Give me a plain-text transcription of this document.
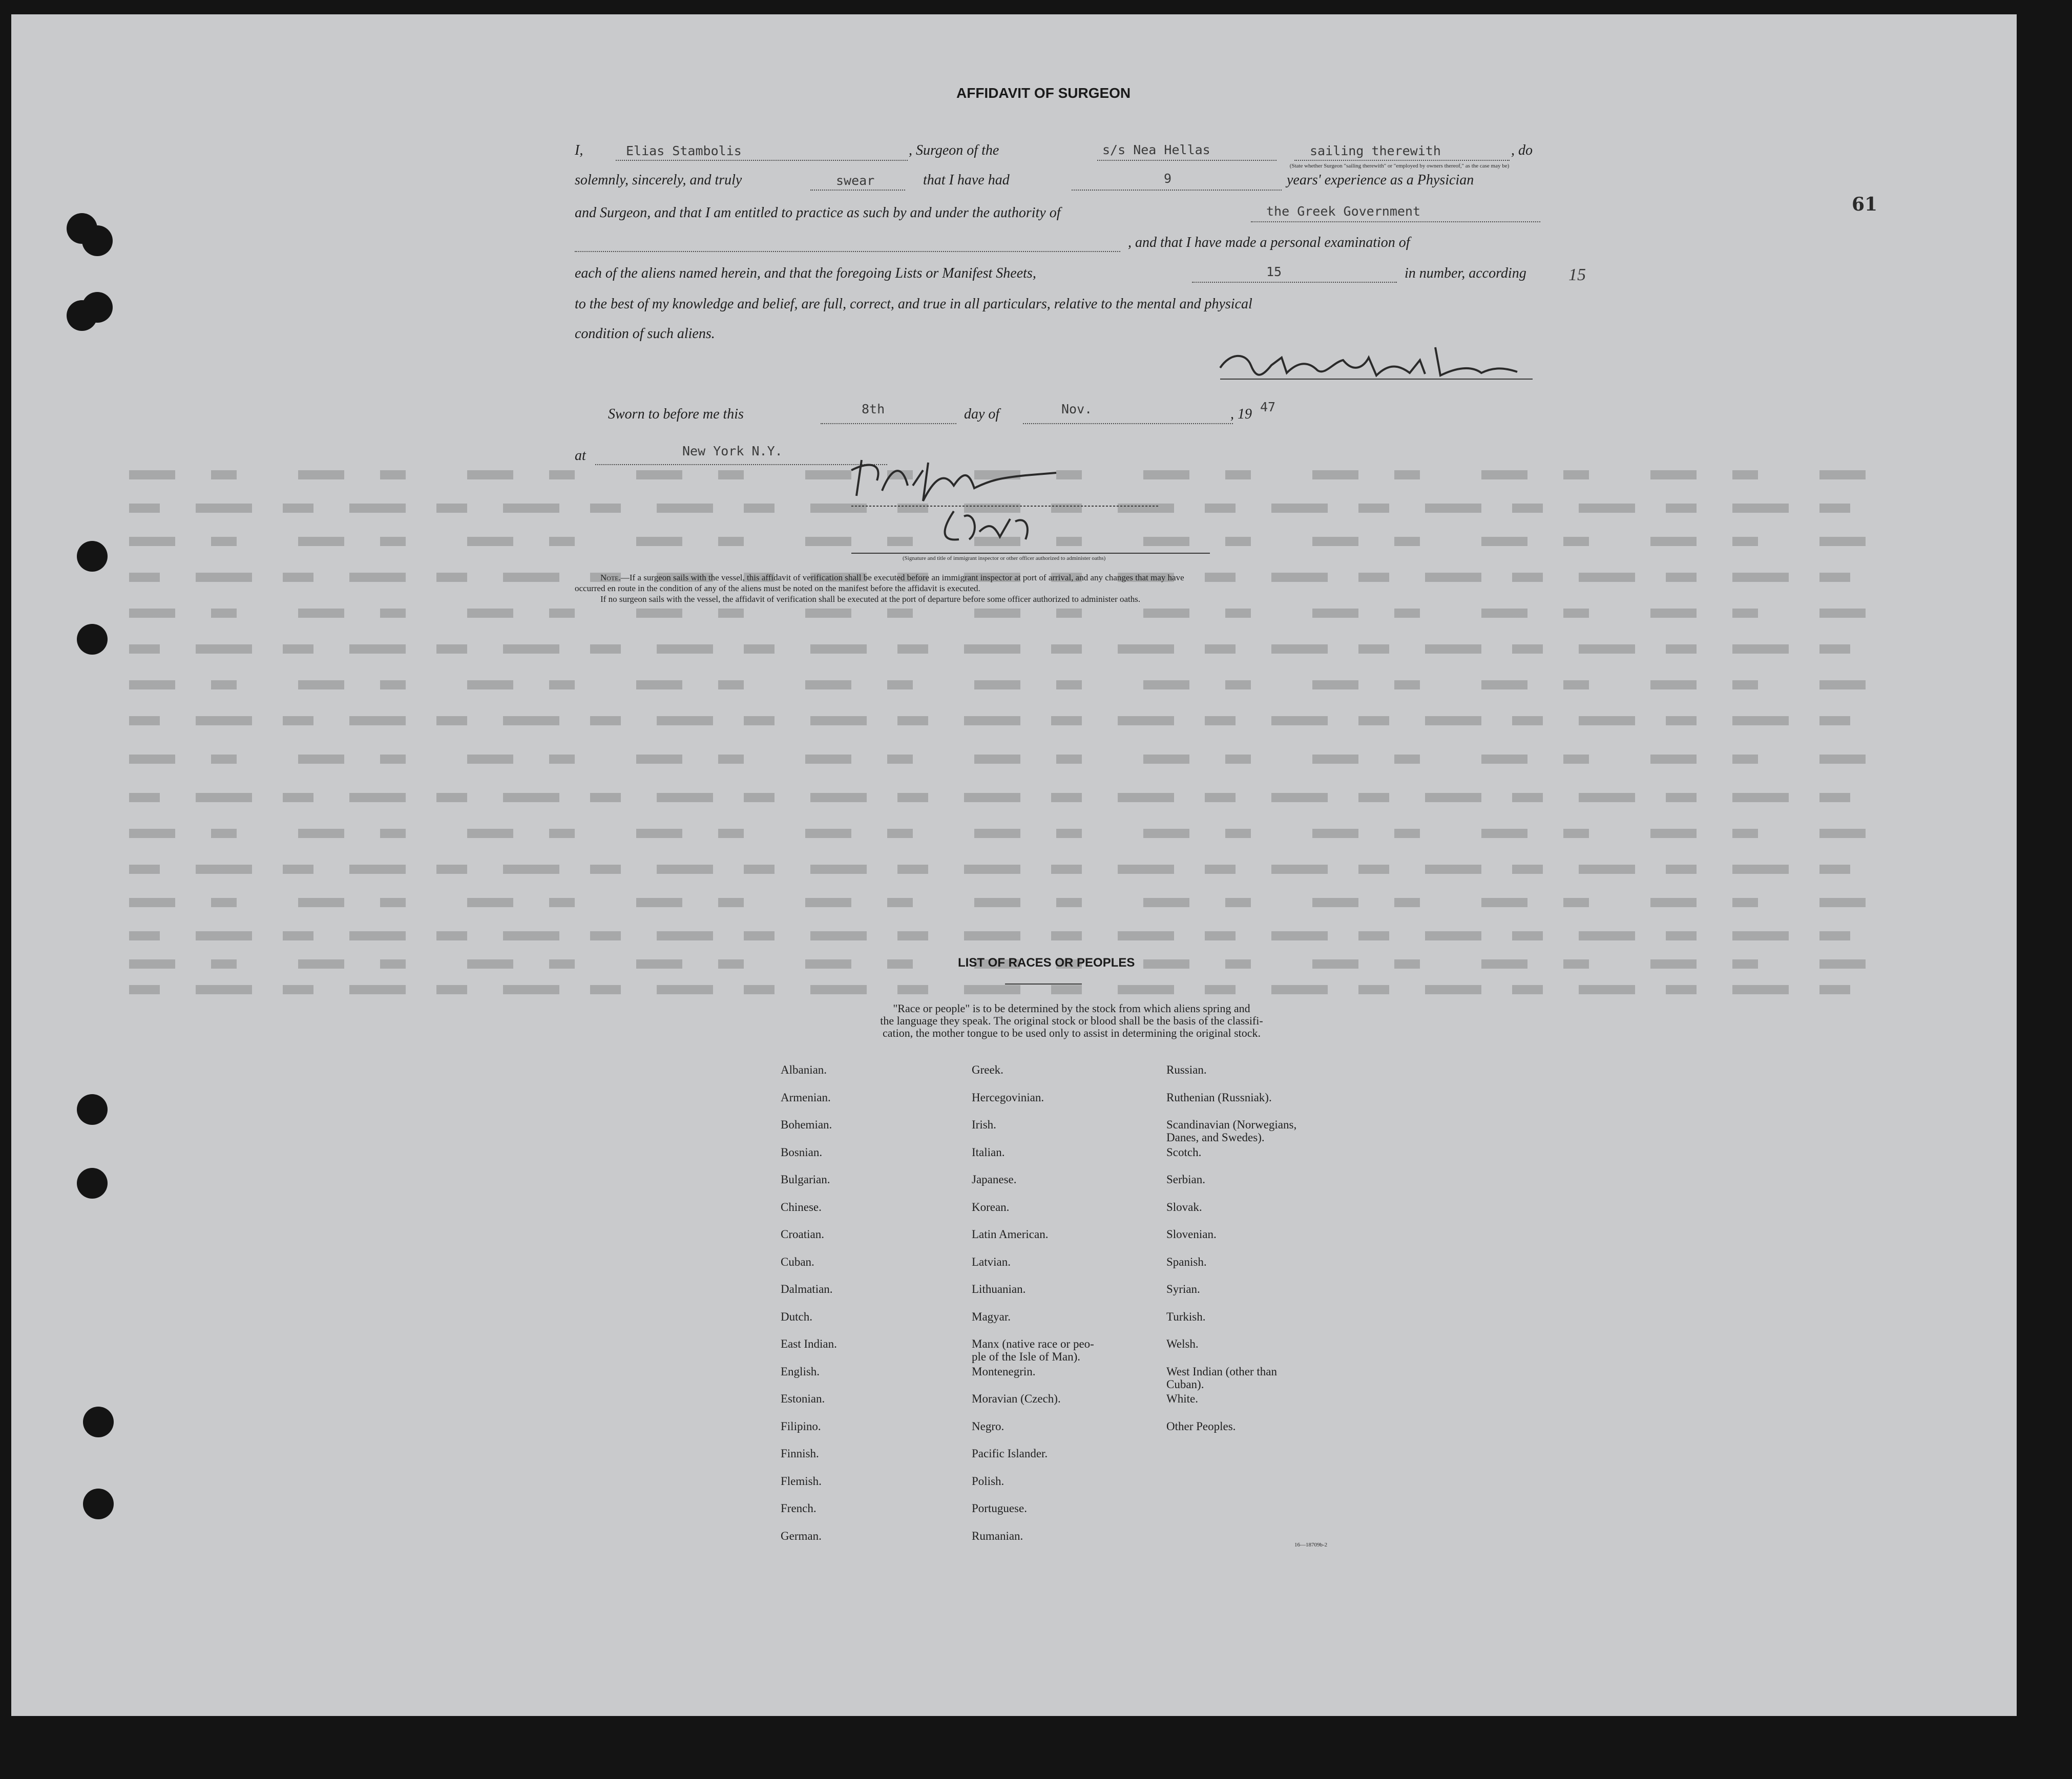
61
AFFIDAVIT OF SURGEON
I,	Elias Stambolis	, Surgeon of the	s/s Nea Hellas	sailing therewith	, do
(State whether Surgeon "sailing therewith" or "employed by owners thereof," as the case may be)
solemnly, sincerely, and truly	swear	that I have had	9	years' experience as a Physician
and Surgeon, and that I am entitled to practice as such by and under the authority of	the Greek Government
, and that I have made a personal examination of
each of the aliens named herein, and that the foregoing Lists or Manifest Sheets,	15	in number, according 15
to the best of my knowledge and belief, are full, correct, and true in all particulars, relative to the mental and physical
condition of such aliens.
Sworn to before me this	8th	day of	Nov.	, 19 47
at	New York N.Y.
(Signature and title of immigrant inspector or other officer authorized to administer oaths)
Note.—If a surgeon sails with the vessel, this affidavit of verification shall be executed before an immigrant inspector at port of arrival, and any changes that may have
occurred en route in the condition of any of the aliens must be noted on the manifest before the affidavit is executed.
If no surgeon sails with the vessel, the affidavit of verification shall be executed at the port of departure before some officer authorized to administer oaths.
LIST OF RACES OR PEOPLES
"Race or people" is to be determined by the stock from which aliens spring and
the language they speak. The original stock or blood shall be the basis of the classifi-
cation, the mother tongue to be used only to assist in determining the original stock.
Albanian.
Armenian.
Bohemian.
Bosnian.
Bulgarian.
Chinese.
Croatian.
Cuban.
Dalmatian.
Dutch.
East Indian.
English.
Estonian.
Filipino.
Finnish.
Flemish.
French.
German.
Greek.
Hercegovinian.
Irish.
Italian.
Japanese.
Korean.
Latin American.
Latvian.
Lithuanian.
Magyar.
Manx (native race or peo-
ple of the Isle of Man).
Montenegrin.
Moravian (Czech).
Negro.
Pacific Islander.
Polish.
Portuguese.
Rumanian.
Russian.
Ruthenian (Russniak).
Scandinavian (Norwegians,
Danes, and Swedes).
Scotch.
Serbian.
Slovak.
Slovenian.
Spanish.
Syrian.
Turkish.
Welsh.
West Indian (other than
Cuban).
White.
Other Peoples.
16—18709b-2
